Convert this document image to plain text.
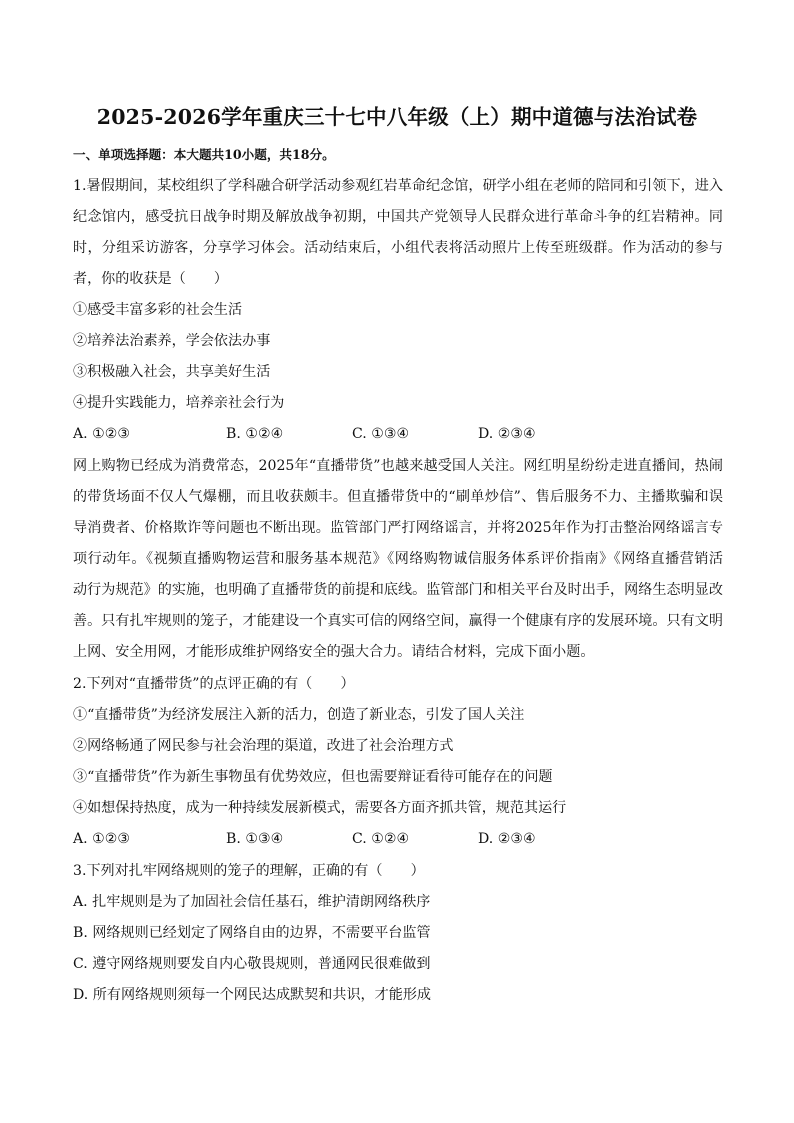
2025-2026学年重庆三十七中八年级（上）期中道德与法治试卷
一、单项选择题：本大题共10小题，共18分。
1.暑假期间，某校组织了学科融合研学活动参观红岩革命纪念馆，研学小组在老师的陪同和引领下，进入
纪念馆内，感受抗日战争时期及解放战争初期，中国共产党领导人民群众进行革命斗争的红岩精神。同
时，分组采访游客，分享学习体会。活动结束后，小组代表将活动照片上传至班级群。作为活动的参与
者，你的收获是（　　）
①感受丰富多彩的社会生活
②培养法治素养，学会依法办事
③积极融入社会，共享美好生活
④提升实践能力，培养亲社会行为
A. ①②③	B. ①②④	C. ①③④	D. ②③④
网上购物已经成为消费常态，2025年“直播带货”也越来越受国人关注。网红明星纷纷走进直播间，热闹
的带货场面不仅人气爆棚，而且收获颇丰。但直播带货中的“刷单炒信”、售后服务不力、主播欺骗和误
导消费者、价格欺诈等问题也不断出现。监管部门严打网络谣言，并将2025年作为打击整治网络谣言专
项行动年。《视频直播购物运营和服务基本规范》《网络购物诚信服务体系评价指南》《网络直播营销活
动行为规范》的实施，也明确了直播带货的前提和底线。监管部门和相关平台及时出手，网络生态明显改
善。只有扎牢规则的笼子，才能建设一个真实可信的网络空间，赢得一个健康有序的发展环境。只有文明
上网、安全用网，才能形成维护网络安全的强大合力。请结合材料，完成下面小题。
2.下列对“直播带货”的点评正确的有（　　）
①“直播带货”为经济发展注入新的活力，创造了新业态，引发了国人关注
②网络畅通了网民参与社会治理的渠道，改进了社会治理方式
③“直播带货”作为新生事物虽有优势效应，但也需要辩证看待可能存在的问题
④如想保持热度，成为一种持续发展新模式，需要各方面齐抓共管，规范其运行
A. ①②③	B. ①③④	C. ①②④	D. ②③④
3.下列对扎牢网络规则的笼子的理解，正确的有（　　）
A. 扎牢规则是为了加固社会信任基石，维护清朗网络秩序
B. 网络规则已经划定了网络自由的边界，不需要平台监管
C. 遵守网络规则要发自内心敬畏规则，普通网民很难做到
D. 所有网络规则须每一个网民达成默契和共识，才能形成
